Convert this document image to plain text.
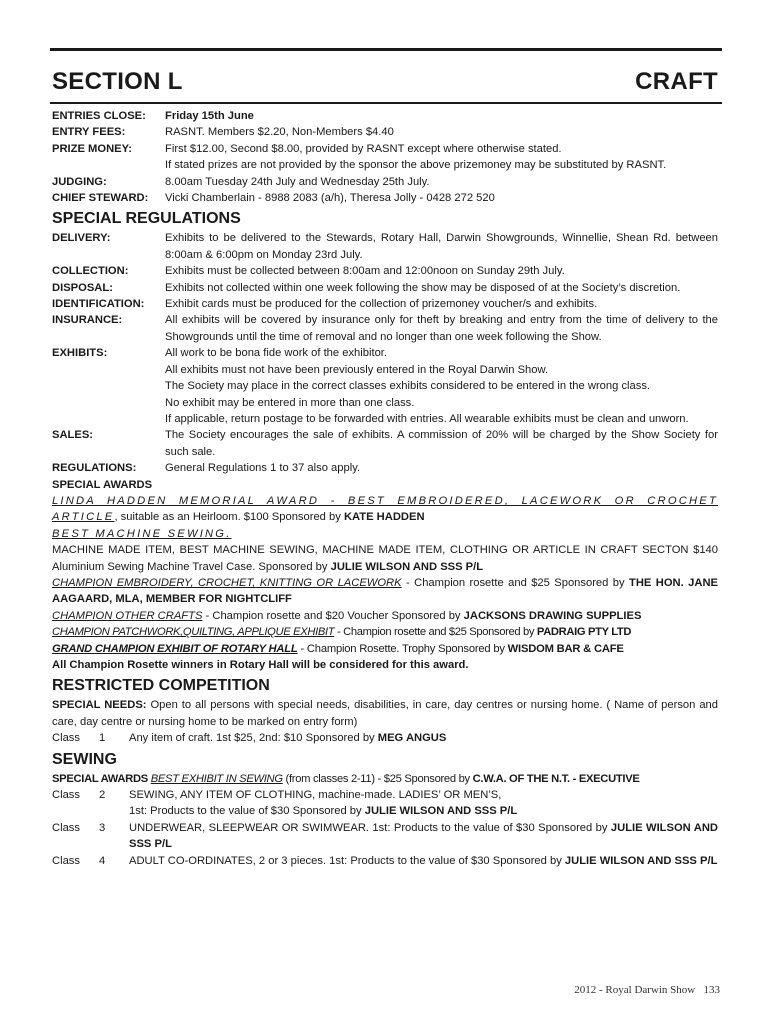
SECTION L	CRAFT
ENTRIES CLOSE:	Friday 15th June
ENTRY FEES:	RASNT. Members $2.20, Non-Members $4.40
PRIZE MONEY:	First $12.00, Second $8.00, provided by RASNT except where otherwise stated.
If stated prizes are not provided by the sponsor the above prizemoney may be substituted by RASNT.
JUDGING:	8.00am Tuesday 24th July and Wednesday 25th July.
CHIEF STEWARD:	Vicki Chamberlain - 8988 2083 (a/h), Theresa Jolly - 0428 272 520
SPECIAL REGULATIONS
DELIVERY:	Exhibits to be delivered to the Stewards, Rotary Hall, Darwin Showgrounds, Winnellie, Shean Rd. between 8:00am & 6:00pm on Monday 23rd July.
COLLECTION:	Exhibits must be collected between 8:00am and 12:00noon on Sunday 29th July.
DISPOSAL:	Exhibits not collected within one week following the show may be disposed of at the Society’s discretion.
IDENTIFICATION:	Exhibit cards must be produced for the collection of prizemoney voucher/s and exhibits.
INSURANCE:	All exhibits will be covered by insurance only for theft by breaking and entry from the time of delivery to the Showgrounds until the time of removal and no longer than one week following the Show.
EXHIBITS:	All work to be bona fide work of the exhibitor.
All exhibits must not have been previously entered in the Royal Darwin Show.
The Society may place in the correct classes exhibits considered to be entered in the wrong class.
No exhibit may be entered in more than one class.
If applicable, return postage to be forwarded with entries. All wearable exhibits must be clean and unworn.
SALES:	The Society encourages the sale of exhibits. A commission of 20% will be charged by the Show Society for such sale.
REGULATIONS:	General Regulations 1 to 37 also apply.
SPECIAL AWARDS
LINDA HADDEN MEMORIAL AWARD - BEST EMBROIDERED, LACEWORK OR CROCHET ARTICLE, suitable as an Heirloom. $100 Sponsored by KATE HADDEN
BEST MACHINE SEWING.
MACHINE MADE ITEM, BEST MACHINE SEWING, MACHINE MADE ITEM, CLOTHING OR ARTICLE IN CRAFT SECTON $140 Aluminium Sewing Machine Travel Case. Sponsored by JULIE WILSON AND SSS P/L
CHAMPION EMBROIDERY, CROCHET, KNITTING OR LACEWORK - Champion rosette and $25 Sponsored by THE HON. JANE AAGAARD, MLA, MEMBER FOR NIGHTCLIFF
CHAMPION OTHER CRAFTS - Champion rosette and $20 Voucher Sponsored by JACKSONS DRAWING SUPPLIES
CHAMPION PATCHWORK,QUILTING, APPLIQUE EXHIBIT - Champion rosette and $25 Sponsored by PADRAIG PTY LTD
GRAND CHAMPION EXHIBIT OF ROTARY HALL - Champion Rosette. Trophy Sponsored by WISDOM BAR & CAFE
All Champion Rosette winners in Rotary Hall will be considered for this award.
RESTRICTED COMPETITION
SPECIAL NEEDS: Open to all persons with special needs, disabilities, in care, day centres or nursing home. ( Name of person and care, day centre or nursing home to be marked on entry form)
Class	1	Any item of craft. 1st $25, 2nd: $10 Sponsored by MEG ANGUS
SEWING
SPECIAL AWARDS BEST EXHIBIT IN SEWING (from classes 2-11) - $25 Sponsored by C.W.A. OF THE N.T. - EXECUTIVE
Class	2	SEWING, ANY ITEM OF CLOTHING, machine-made. LADIES’ OR MEN’S,
1st: Products to the value of $30 Sponsored by JULIE WILSON AND SSS P/L
Class	3	UNDERWEAR, SLEEPWEAR OR SWIMWEAR. 1st: Products to the value of $30 Sponsored by JULIE WILSON AND SSS P/L
Class	4	ADULT CO-ORDINATES, 2 or 3 pieces. 1st: Products to the value of $30 Sponsored by JULIE WILSON AND SSS P/L
2012 - Royal Darwin Show 133
